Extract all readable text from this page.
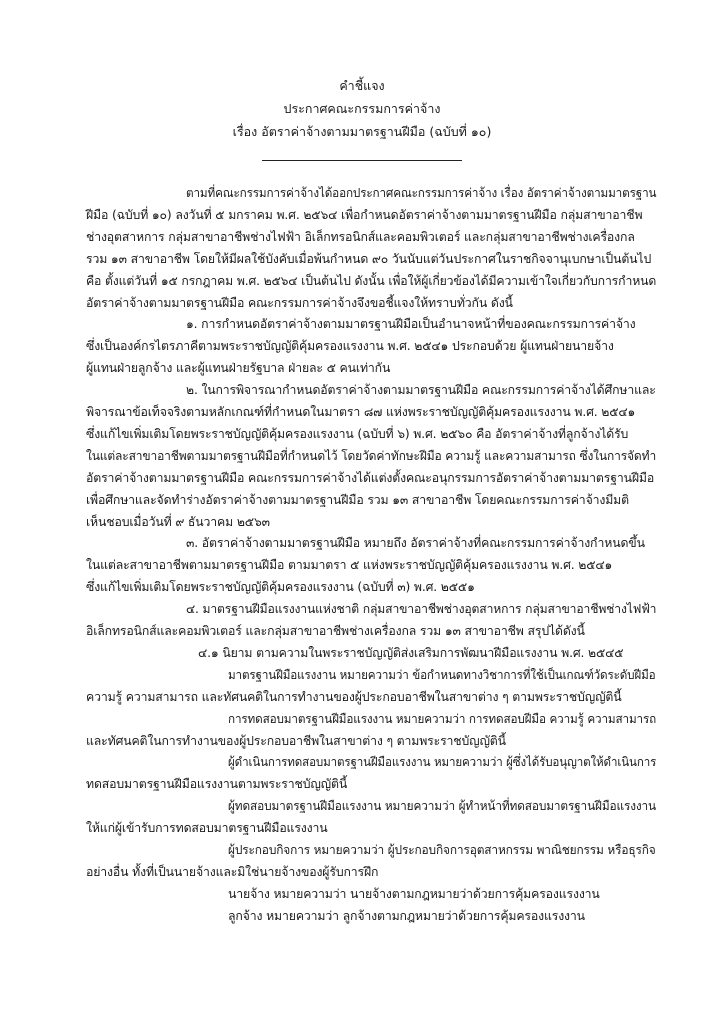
คำชี้แจง
ประกาศคณะกรรมการค่าจ้าง
เรื่อง อัตราค่าจ้างตามมาตรฐานฝีมือ (ฉบับที่ ๑๐)
ตามที่คณะกรรมการค่าจ้างได้ออกประกาศคณะกรรมการค่าจ้าง เรื่อง อัตราค่าจ้างตามมาตรฐาน
ฝีมือ (ฉบับที่ ๑๐) ลงวันที่ ๕ มกราคม พ.ศ. ๒๕๖๔ เพื่อกำหนดอัตราค่าจ้างตามมาตรฐานฝีมือ กลุ่มสาขาอาชีพ
ช่างอุตสาหการ กลุ่มสาขาอาชีพช่างไฟฟ้า อิเล็กทรอนิกส์และคอมพิวเตอร์ และกลุ่มสาขาอาชีพช่างเครื่องกล
รวม ๑๓ สาขาอาชีพ โดยให้มีผลใช้บังคับเมื่อพ้นกำหนด ๙๐ วันนับแต่วันประกาศในราชกิจจานุเบกษาเป็นต้นไป
คือ ตั้งแต่วันที่ ๑๕ กรกฎาคม พ.ศ. ๒๕๖๔ เป็นต้นไป ดังนั้น เพื่อให้ผู้เกี่ยวข้องได้มีความเข้าใจเกี่ยวกับการกำหนด
อัตราค่าจ้างตามมาตรฐานฝีมือ คณะกรรมการค่าจ้างจึงขอชี้แจงให้ทราบทั่วกัน ดังนี้
๑. การกำหนดอัตราค่าจ้างตามมาตรฐานฝีมือเป็นอำนาจหน้าที่ของคณะกรรมการค่าจ้าง
ซึ่งเป็นองค์กรไตรภาคีตามพระราชบัญญัติคุ้มครองแรงงาน พ.ศ. ๒๕๔๑ ประกอบด้วย ผู้แทนฝ่ายนายจ้าง
ผู้แทนฝ่ายลูกจ้าง และผู้แทนฝ่ายรัฐบาล ฝ่ายละ ๕ คนเท่ากัน
๒. ในการพิจารณากำหนดอัตราค่าจ้างตามมาตรฐานฝีมือ คณะกรรมการค่าจ้างได้ศึกษาและ
พิจารณาข้อเท็จจริงตามหลักเกณฑ์ที่กำหนดในมาตรา ๘๗ แห่งพระราชบัญญัติคุ้มครองแรงงาน พ.ศ. ๒๕๔๑
ซึ่งแก้ไขเพิ่มเติมโดยพระราชบัญญัติคุ้มครองแรงงาน (ฉบับที่ ๖) พ.ศ. ๒๕๖๐ คือ อัตราค่าจ้างที่ลูกจ้างได้รับ
ในแต่ละสาขาอาชีพตามมาตรฐานฝีมือที่กำหนดไว้ โดยวัดค่าทักษะฝีมือ ความรู้ และความสามารถ ซึ่งในการจัดทำ
อัตราค่าจ้างตามมาตรฐานฝีมือ คณะกรรมการค่าจ้างได้แต่งตั้งคณะอนุกรรมการอัตราค่าจ้างตามมาตรฐานฝีมือ
เพื่อศึกษาและจัดทำร่างอัตราค่าจ้างตามมาตรฐานฝีมือ รวม ๑๓ สาขาอาชีพ โดยคณะกรรมการค่าจ้างมีมติ
เห็นชอบเมื่อวันที่ ๙ ธันวาคม ๒๕๖๓
๓. อัตราค่าจ้างตามมาตรฐานฝีมือ หมายถึง อัตราค่าจ้างที่คณะกรรมการค่าจ้างกำหนดขึ้น
ในแต่ละสาขาอาชีพตามมาตรฐานฝีมือ ตามมาตรา ๕ แห่งพระราชบัญญัติคุ้มครองแรงงาน พ.ศ. ๒๕๔๑
ซึ่งแก้ไขเพิ่มเติมโดยพระราชบัญญัติคุ้มครองแรงงาน (ฉบับที่ ๓) พ.ศ. ๒๕๕๑
๔. มาตรฐานฝีมือแรงงานแห่งชาติ กลุ่มสาขาอาชีพช่างอุตสาหการ กลุ่มสาขาอาชีพช่างไฟฟ้า
อิเล็กทรอนิกส์และคอมพิวเตอร์ และกลุ่มสาขาอาชีพช่างเครื่องกล รวม ๑๓ สาขาอาชีพ สรุปได้ดังนี้
๔.๑ นิยาม ตามความในพระราชบัญญัติส่งเสริมการพัฒนาฝีมือแรงงาน พ.ศ. ๒๕๔๕
มาตรฐานฝีมือแรงงาน หมายความว่า ข้อกำหนดทางวิชาการที่ใช้เป็นเกณฑ์วัดระดับฝีมือ
ความรู้ ความสามารถ และทัศนคติในการทำงานของผู้ประกอบอาชีพในสาขาต่าง ๆ ตามพระราชบัญญัตินี้
การทดสอบมาตรฐานฝีมือแรงงาน หมายความว่า การทดสอบฝีมือ ความรู้ ความสามารถ
และทัศนคติในการทำงานของผู้ประกอบอาชีพในสาขาต่าง ๆ ตามพระราชบัญญัตินี้
ผู้ดำเนินการทดสอบมาตรฐานฝีมือแรงงาน หมายความว่า ผู้ซึ่งได้รับอนุญาตให้ดำเนินการ
ทดสอบมาตรฐานฝีมือแรงงานตามพระราชบัญญัตินี้
ผู้ทดสอบมาตรฐานฝีมือแรงงาน หมายความว่า ผู้ทำหน้าที่ทดสอบมาตรฐานฝีมือแรงงาน
ให้แก่ผู้เข้ารับการทดสอบมาตรฐานฝีมือแรงงาน
ผู้ประกอบกิจการ หมายความว่า ผู้ประกอบกิจการอุตสาหกรรม พาณิชยกรรม หรือธุรกิจ
อย่างอื่น ทั้งที่เป็นนายจ้างและมิใช่นายจ้างของผู้รับการฝึก
นายจ้าง หมายความว่า นายจ้างตามกฎหมายว่าด้วยการคุ้มครองแรงงาน
ลูกจ้าง หมายความว่า ลูกจ้างตามกฎหมายว่าด้วยการคุ้มครองแรงงาน
